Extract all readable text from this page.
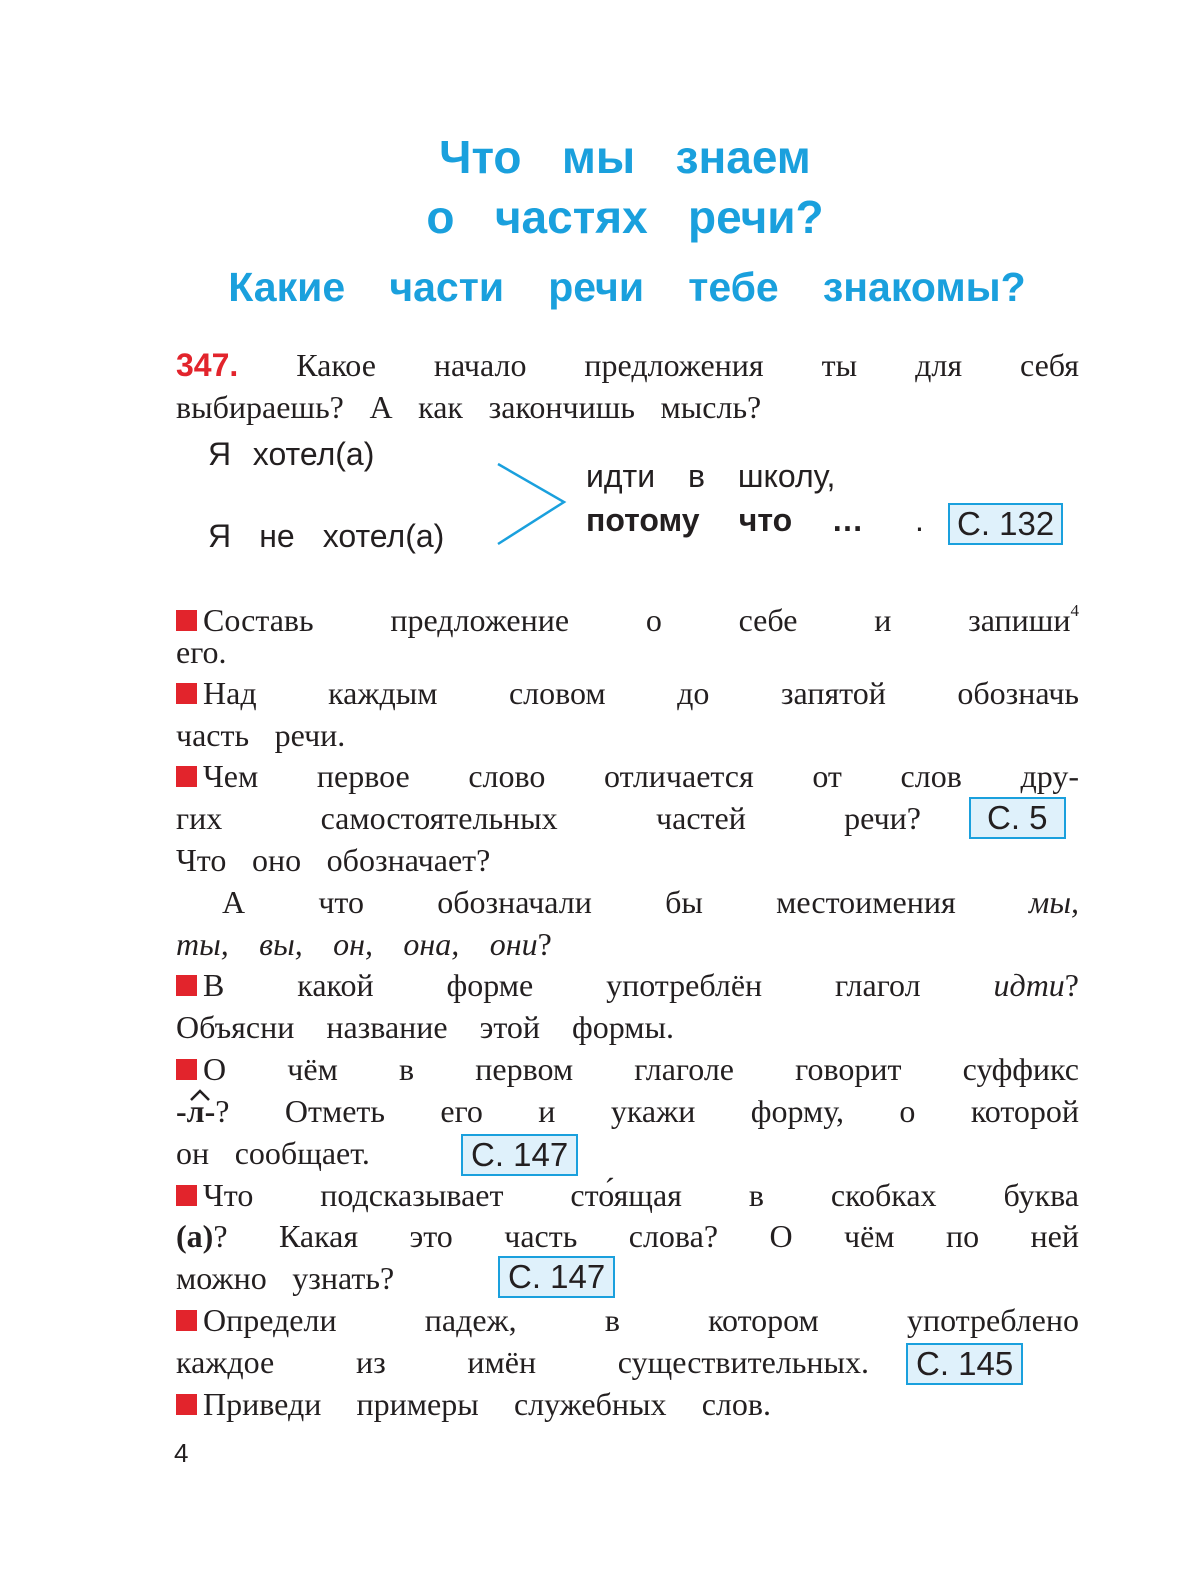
Что мы знаем
о частях речи?
Какие части речи тебе знакомы?
347. Какое начало предложения ты для себя
выбираешь? А как закончишь мысль?
Я хотел(а)
Я не хотел(а)
идти в школу,
потому что … . С. 132
Составь предложение о себе и запиши$^4$
его.
Над каждым словом до запятой обозначь
часть речи.
Чем первое слово отличается от слов дру-
гих самостоятельных частей речи?	С. 5
Что оно обозначает?
А что обозначали бы местоимения мы,
ты, вы, он, она, они?
В какой форме употреблён глагол идти?
Объясни название этой формы.
О чём в первом глаголе говорит суффикс
-л-? Отметь его и укажи форму, о которой
он сообщает.	С. 147
Что подсказывает сто́ящая в скобках буква
(а)? Какая это часть слова? О чём по ней
можно узнать?	С. 147
Определи падеж, в котором употреблено
каждое из имён существительных.	С. 145
Приведи примеры служебных слов.
4
